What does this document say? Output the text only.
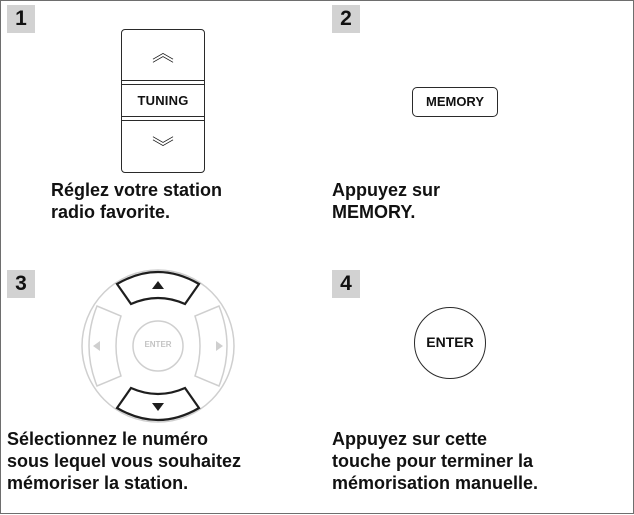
1
︽
TUNING
︾
Réglez votre station
radio favorite.
2
MEMORY
Appuyez sur
MEMORY.
3
ENTER
Sélectionnez le numéro
sous lequel vous souhaitez
mémoriser la station.
4
ENTER
Appuyez sur cette
touche pour terminer la
mémorisation manuelle.
